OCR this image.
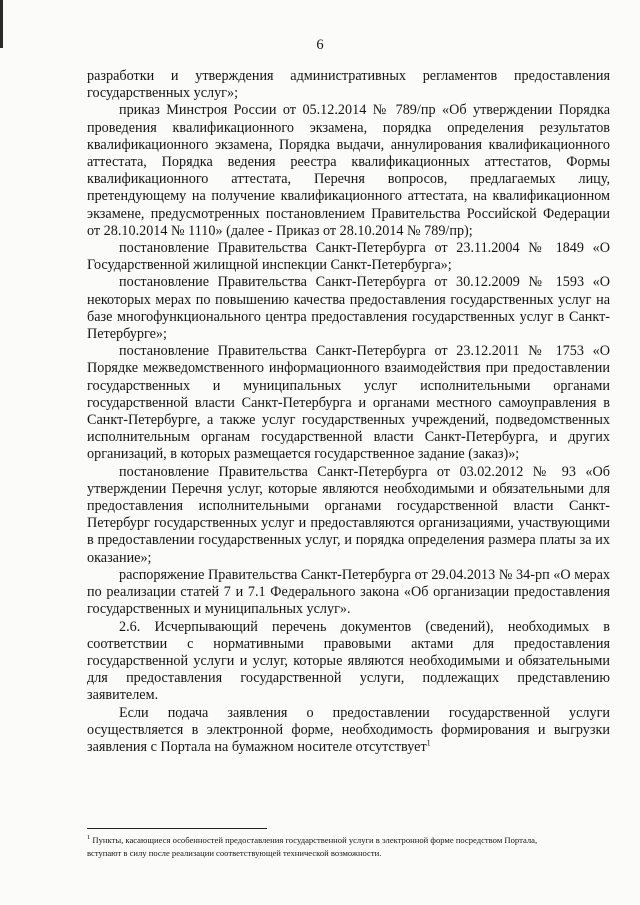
6

разработки и утверждения административных регламентов предоставления государственных услуг»;

приказ Минстроя России от 05.12.2014 № 789/пр «Об утверждении Порядка проведения квалификационного экзамена, порядка определения результатов квалификационного экзамена, Порядка выдачи, аннулирования квалификационного аттестата, Порядка ведения реестра квалификационных аттестатов, Формы квалификационного аттестата, Перечня вопросов, предлагаемых лицу, претендующему на получение квалификационного аттестата, на квалификационном экзамене, предусмотренных постановлением Правительства Российской Федерации от 28.10.2014 № 1110» (далее - Приказ от 28.10.2014 № 789/пр);

постановление Правительства Санкт-Петербурга от 23.11.2004 № 1849 «О Государственной жилищной инспекции Санкт-Петербурга»;

постановление Правительства Санкт-Петербурга от 30.12.2009 № 1593 «О некоторых мерах по повышению качества предоставления государственных услуг на базе многофункционального центра предоставления государственных услуг в Санкт-Петербурге»;

постановление Правительства Санкт-Петербурга от 23.12.2011 № 1753 «О Порядке межведомственного информационного взаимодействия при предоставлении государственных и муниципальных услуг исполнительными органами государственной власти Санкт-Петербурга и органами местного самоуправления в Санкт-Петербурге, а также услуг государственных учреждений, подведомственных исполнительным органам государственной власти Санкт-Петербурга, и других организаций, в которых размещается государственное задание (заказ)»;

постановление Правительства Санкт-Петербурга от 03.02.2012 № 93 «Об утверждении Перечня услуг, которые являются необходимыми и обязательными для предоставления исполнительными органами государственной власти Санкт-Петербург государственных услуг и предоставляются организациями, участвующими в предоставлении государственных услуг, и порядка определения размера платы за их оказание»;

распоряжение Правительства Санкт-Петербурга от 29.04.2013 № 34-рп «О мерах по реализации статей 7 и 7.1 Федерального закона «Об организации предоставления государственных и муниципальных услуг».

2.6. Исчерпывающий перечень документов (сведений), необходимых в соответствии с нормативными правовыми актами для предоставления государственной услуги и услуг, которые являются необходимыми и обязательными для предоставления государственной услуги, подлежащих представлению заявителем.

Если подача заявления о предоставлении государственной услуги осуществляется в электронной форме, необходимость формирования и выгрузки заявления с Портала на бумажном носителе отсутствует$^1$

$^1$ Пункты, касающиеся особенностей предоставления государственной услуги в электронной форме посредством Портала, вступают в силу после реализации соответствующей технической возможности.
